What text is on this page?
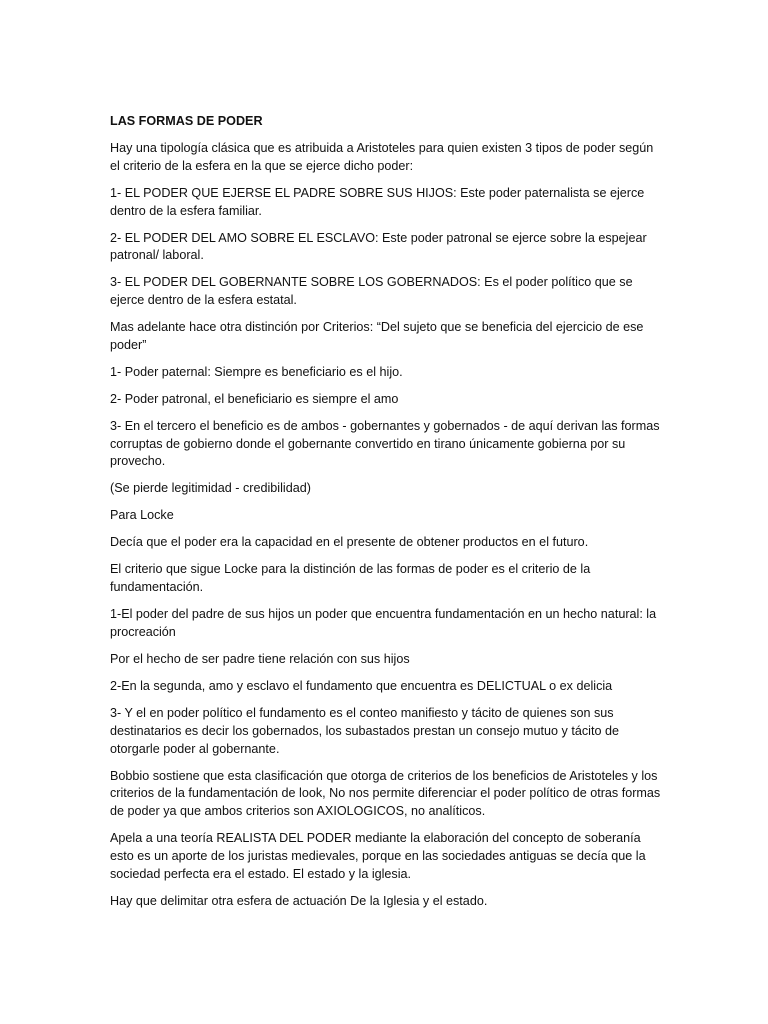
LAS FORMAS DE PODER

Hay una tipología clásica que es atribuida a Aristoteles para quien existen 3 tipos de poder según el criterio de la esfera en la que se ejerce dicho poder:

1- EL PODER QUE EJERSE EL PADRE SOBRE SUS HIJOS: Este poder paternalista se ejerce dentro de la esfera familiar.

2- EL PODER DEL AMO SOBRE EL ESCLAVO: Este poder patronal se ejerce sobre la espejear patronal/ laboral.

3- EL PODER DEL GOBERNANTE SOBRE LOS GOBERNADOS: Es el poder político que se ejerce dentro de la esfera estatal.

Mas adelante hace otra distinción por Criterios: “Del sujeto que se beneficia del ejercicio de ese poder”

1- Poder paternal: Siempre es beneficiario es el hijo.

2- Poder patronal, el beneficiario es siempre el amo

3- En el tercero el beneficio es de ambos - gobernantes y gobernados - de aquí derivan las formas corruptas de gobierno donde el gobernante convertido en tirano únicamente gobierna por su provecho.

(Se pierde legitimidad - credibilidad)

Para Locke

Decía que el poder era la capacidad en el presente de obtener productos en el futuro.

El criterio que sigue Locke para la distinción de las formas de poder es el criterio de la fundamentación.

1-El poder del padre de sus hijos un poder que encuentra fundamentación en un hecho natural: la procreación

Por el hecho de ser padre tiene relación con sus hijos

2-En la segunda, amo y esclavo el fundamento que encuentra es DELICTUAL o ex delicia

3- Y el en poder político el fundamento es el conteo manifiesto y tácito de quienes son sus destinatarios es decir los gobernados, los subastados prestan un consejo mutuo y tácito de otorgarle poder al gobernante.

Bobbio sostiene que esta clasificación que otorga de criterios de los beneficios de Aristoteles y los criterios de la fundamentación de look, No nos permite diferenciar el poder político de otras formas de poder ya que ambos criterios son AXIOLOGICOS, no analíticos.

Apela a una teoría REALISTA DEL PODER mediante la elaboración del concepto de soberanía esto es un aporte de los juristas medievales, porque en las sociedades antiguas se decía que la sociedad perfecta era el estado. El estado y la iglesia.

Hay que delimitar otra esfera de actuación De la Iglesia y el estado.
